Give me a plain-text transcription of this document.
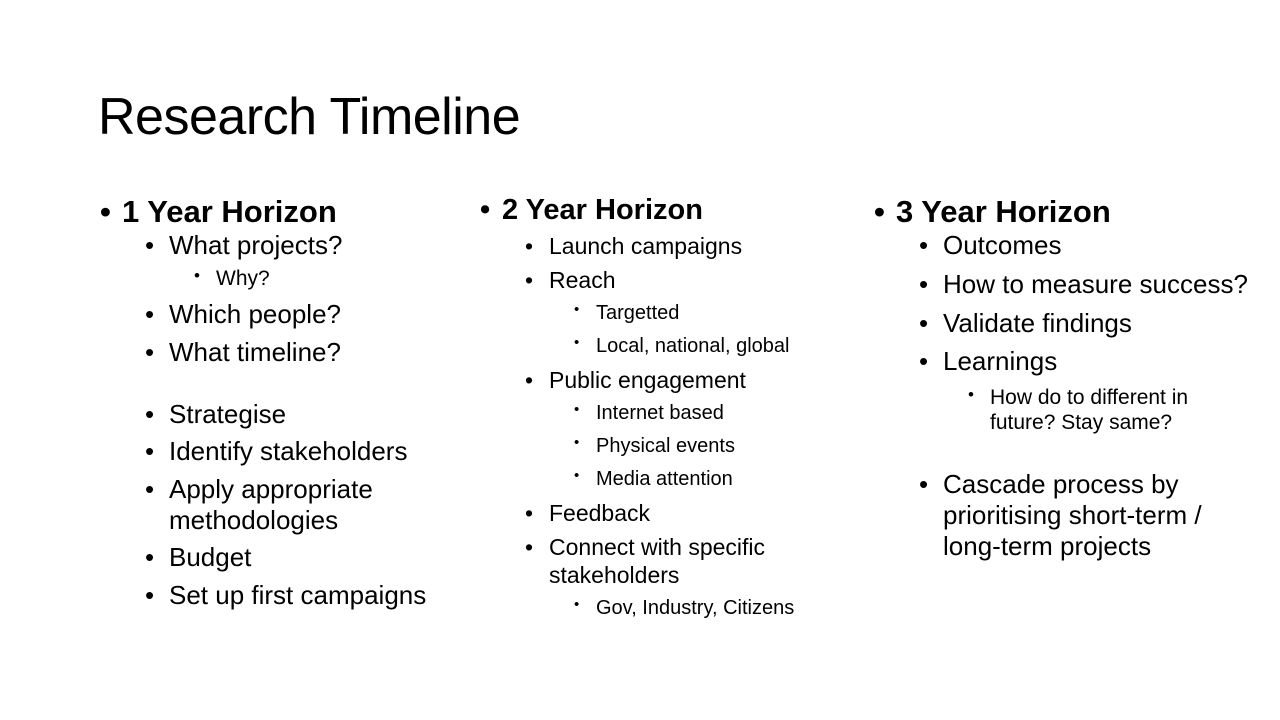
Research Timeline
• 1 Year Horizon
• What projects?
• Why?
• Which people?
• What timeline?
• Strategise
• Identify stakeholders
• Apply appropriate methodologies
• Budget
• Set up first campaigns
• 2 Year Horizon
• Launch campaigns
• Reach
• Targetted
• Local, national, global
• Public engagement
• Internet based
• Physical events
• Media attention
• Feedback
• Connect with specific stakeholders
• Gov, Industry, Citizens
• 3 Year Horizon
• Outcomes
• How to measure success?
• Validate findings
• Learnings
• How do to different in future? Stay same?
• Cascade process by prioritising short-term / long-term projects
